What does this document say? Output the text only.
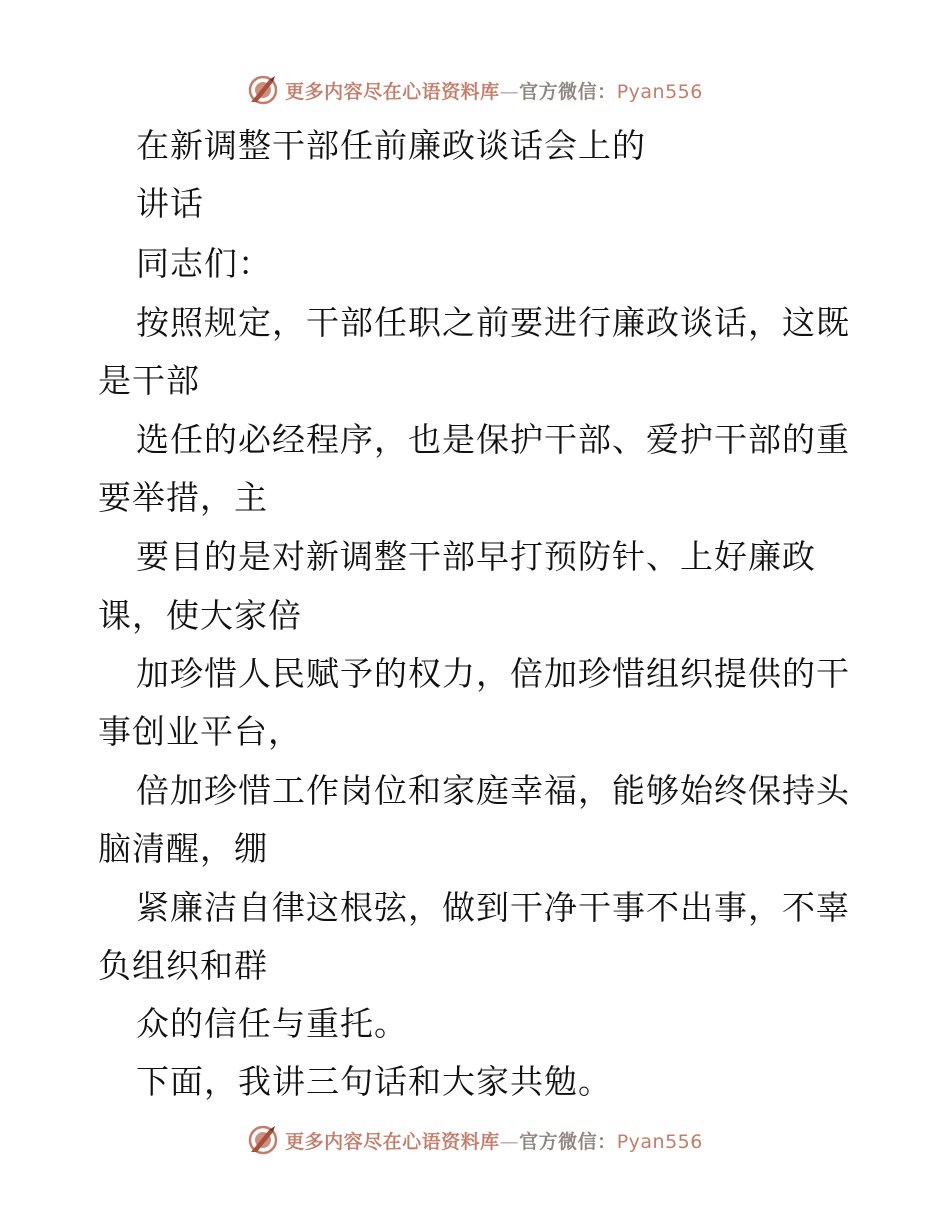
更多内容尽在心语资料库—官方微信：Pyan556
在新调整干部任前廉政谈话会上的
讲话
同志们：
按照规定，干部任职之前要进行廉政谈话，这既
是干部
选任的必经程序，也是保护干部、爱护干部的重
要举措，主
要目的是对新调整干部早打预防针、上好廉政
课，使大家倍
加珍惜人民赋予的权力，倍加珍惜组织提供的干
事创业平台，
倍加珍惜工作岗位和家庭幸福，能够始终保持头
脑清醒，绷
紧廉洁自律这根弦，做到干净干事不出事，不辜
负组织和群
众的信任与重托。
下面，我讲三句话和大家共勉。
更多内容尽在心语资料库—官方微信：Pyan556
